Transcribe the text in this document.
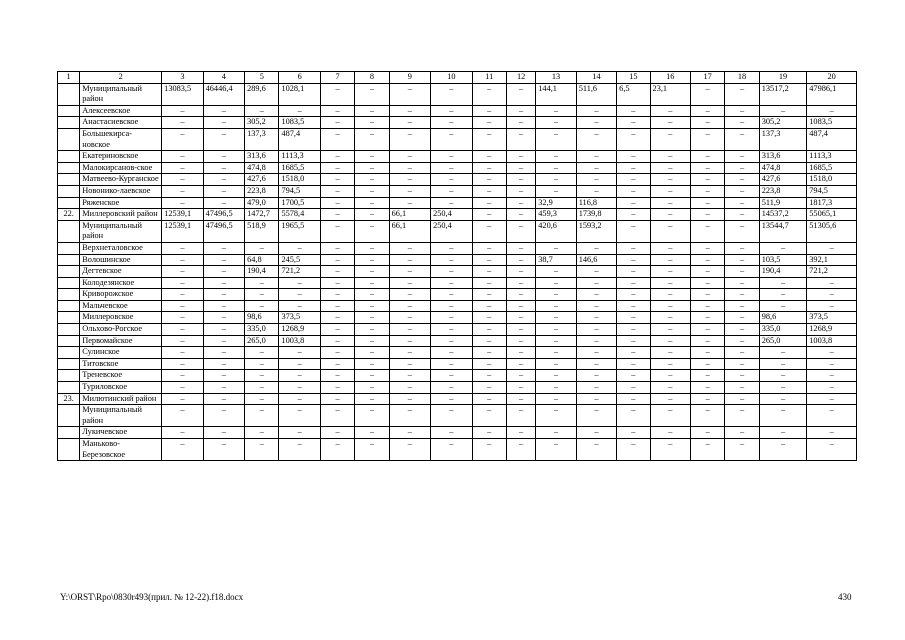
1	2	3	4	5	6	7	8	9	10	11	12	13	14	15	16	17	18	19	20
	Муниципальный район	13083,5	46446,4	289,6	1028,1	–	–	–	–	–	–	144,1	511,6	6,5	23,1	–	–	13517,2	47986,1
	Алексеевское	–	–	–	–	–	–	–	–	–	–	–	–	–	–	–	–	–	–
	Анастасиевское	–	–	305,2	1083,5	–	–	–	–	–	–	–	–	–	–	–	–	305,2	1083,5
	Большекирса-новское	–	–	137,3	487,4	–	–	–	–	–	–	–	–	–	–	–	–	137,3	487,4
	Екатериновское	–	–	313,6	1113,3	–	–	–	–	–	–	–	–	–	–	–	–	313,6	1113,3
	Малокирсанов-ское	–	–	474,8	1685,5	–	–	–	–	–	–	–	–	–	–	–	–	474,8	1685,5
	Матвеево-Курганское	–	–	427,6	1518,0	–	–	–	–	–	–	–	–	–	–	–	–	427,6	1518,0
	Новонико-лаевское	–	–	223,8	794,5	–	–	–	–	–	–	–	–	–	–	–	–	223,8	794,5
	Ряженское	–	–	479,0	1700,5	–	–	–	–	–	–	32,9	116,8	–	–	–	–	511,9	1817,3
22.	Миллеровский район	12539,1	47496,5	1472,7	5578,4	–	–	66,1	250,4	–	–	459,3	1739,8	–	–	–	–	14537,2	55065,1
	Муниципальный район	12539,1	47496,5	518,9	1965,5	–	–	66,1	250,4	–	–	420,6	1593,2	–	–	–	–	13544,7	51305,6
	Верхнеталовское	–	–	–	–	–	–	–	–	–	–	–	–	–	–	–	–	–	–
	Волошинское	–	–	64,8	245,5	–	–	–	–	–	–	38,7	146,6	–	–	–	–	103,5	392,1
	Дегтевское	–	–	190,4	721,2	–	–	–	–	–	–	–	–	–	–	–	–	190,4	721,2
	Колодезянское	–	–	–	–	–	–	–	–	–	–	–	–	–	–	–	–	–	–
	Криворожское	–	–	–	–	–	–	–	–	–	–	–	–	–	–	–	–	–	–
	Мальчевское	–	–	–	–	–	–	–	–	–	–	–	–	–	–	–	–	–	–
	Миллеровское	–	–	98,6	373,5	–	–	–	–	–	–	–	–	–	–	–	–	98,6	373,5
	Ольхово-Рогское	–	–	335,0	1268,9	–	–	–	–	–	–	–	–	–	–	–	–	335,0	1268,9
	Первомайское	–	–	265,0	1003,8	–	–	–	–	–	–	–	–	–	–	–	–	265,0	1003,8
	Сулинское	–	–	–	–	–	–	–	–	–	–	–	–	–	–	–	–	–	–
	Титовское	–	–	–	–	–	–	–	–	–	–	–	–	–	–	–	–	–	–
	Треневское	–	–	–	–	–	–	–	–	–	–	–	–	–	–	–	–	–	–
	Туриловское	–	–	–	–	–	–	–	–	–	–	–	–	–	–	–	–	–	–
23.	Милютинский район	–	–	–	–	–	–	–	–	–	–	–	–	–	–	–	–	–	–
	Муниципальный район	–	–	–	–	–	–	–	–	–	–	–	–	–	–	–	–	–	–
	Лукичевское	–	–	–	–	–	–	–	–	–	–	–	–	–	–	–	–	–	–
	Маньково-Березовское	–	–	–	–	–	–	–	–	–	–	–	–	–	–	–	–	–	–
Y:\ORST\Rpo\0830r493(прил. № 12-22).f18.docx	430
